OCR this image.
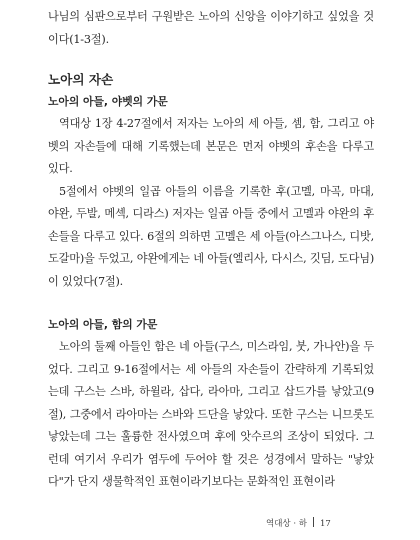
나님의 심판으로부터 구원받은 노아의 신앙을 이야기하고 싶었을 것이다(1-3절).

노아의 자손
노아의 아들, 야벳의 가문

역대상 1장 4-27절에서 저자는 노아의 세 아들, 셈, 함, 그리고 야벳의 자손들에 대해 기록했는데 본문은 먼저 야벳의 후손을 다루고 있다.

5절에서 야벳의 일곱 아들의 이름을 기록한 후(고멜, 마곡, 마대, 야완, 두발, 메섹, 디라스) 저자는 일곱 아들 중에서 고멜과 야완의 후손들을 다루고 있다. 6절의 의하면 고멜은 세 아들(아스그나스, 디밧, 도갈마)을 두었고, 야완에게는 네 아들(엘리사, 다시스, 깃딤, 도다님)이 있었다(7절).

노아의 아들, 함의 가문

노아의 둘째 아들인 함은 네 아들(구스, 미스라임, 붓, 가나안)을 두었다. 그리고 9-16절에서는 세 아들의 자손들이 간략하게 기록되었는데 구스는 스바, 하윌라, 삽다, 라아마, 그리고 삽드가를 낳았고(9절), 그중에서 라아마는 스바와 드단을 낳았다. 또한 구스는 니므롯도 낳았는데 그는 훌륭한 전사였으며 후에 앗수르의 조상이 되었다. 그런데 여기서 우리가 염두에 두어야 할 것은 성경에서 말하는 "낳았다"가 단지 생물학적인 표현이라기보다는 문화적인 표현이라

역대상 · 하 17
